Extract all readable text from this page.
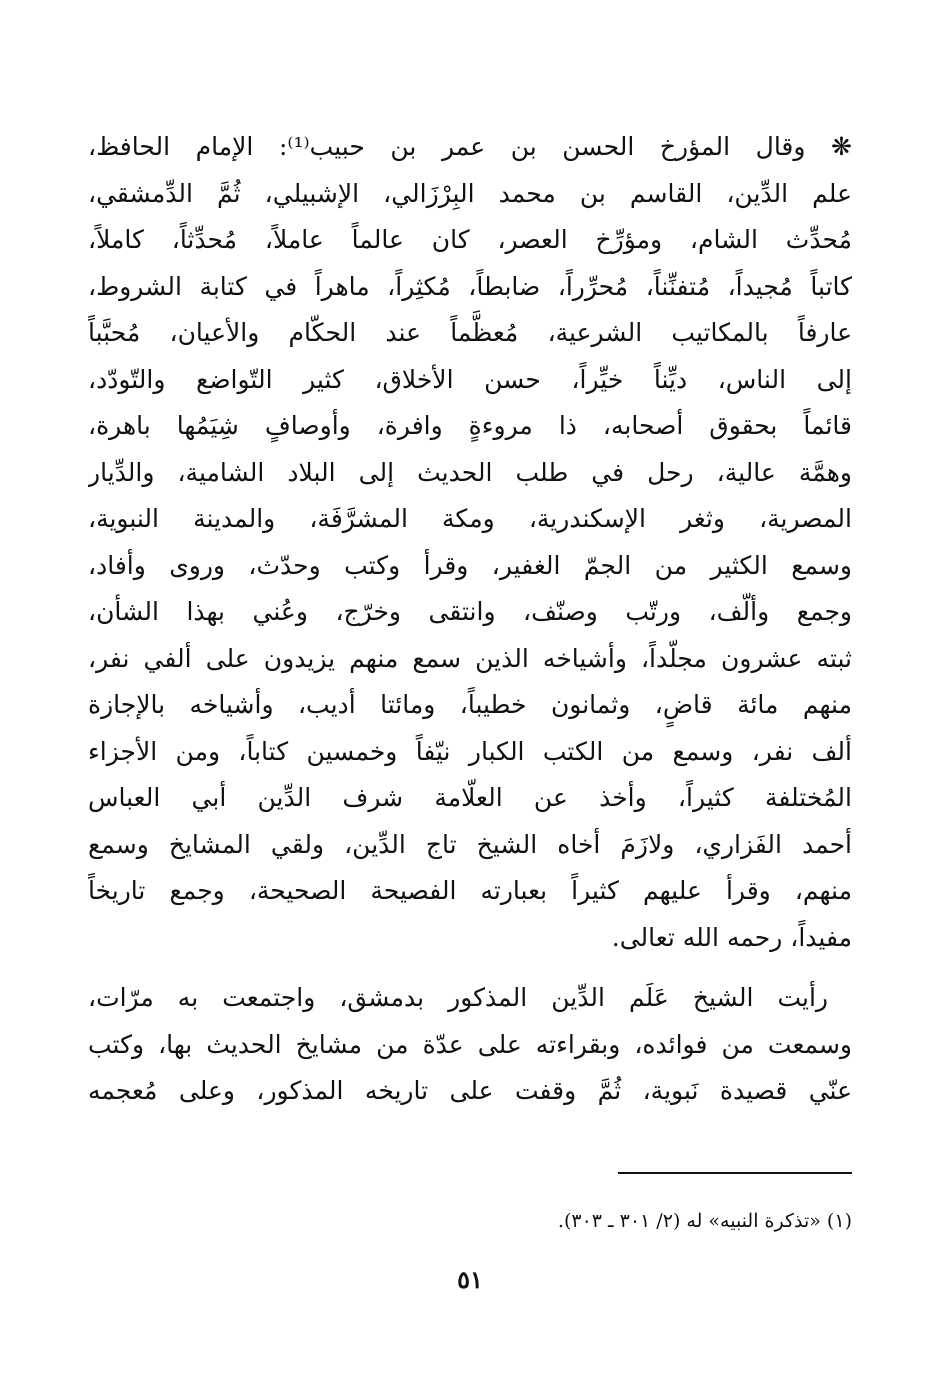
❋ وقال المؤرخ الحسن بن عمر بن حبيب⁽¹⁾: الإمام الحافظ،
علم الدِّين، القاسم بن محمد البِرْزَالي، الإشبيلي، ثُمَّ الدِّمشقي،
مُحدِّث الشام، ومؤرِّخ العصر، كان عالماً عاملاً، مُحدِّثاً، كاملاً،
كاتباً مُجيداً، مُتفنِّناً، مُحرِّراً، ضابطاً، مُكثِراً، ماهراً في كتابة الشروط،
عارفاً بالمكاتيب الشرعية، مُعظَّماً عند الحكّام والأعيان، مُحبَّباً
إلى الناس، ديِّناً خيِّراً، حسن الأخلاق، كثير التّواضع والتّودّد،
قائماً بحقوق أصحابه، ذا مروءةٍ وافرة، وأوصافٍ شِيَمُها باهرة،
وهمَّة عالية، رحل في طلب الحديث إلى البلاد الشامية، والدِّيار
المصرية، وثغر الإسكندرية، ومكة المشرَّفَة، والمدينة النبوية،
وسمع الكثير من الجمّ الغفير، وقرأ وكتب وحدّث، وروى وأفاد،
وجمع وألّف، ورتّب وصنّف، وانتقى وخرّج، وعُني بهذا الشأن،
ثبته عشرون مجلّداً، وأشياخه الذين سمع منهم يزيدون على ألفي نفر،
منهم مائة قاضٍ، وثمانون خطيباً، ومائتا أديب، وأشياخه بالإجازة
ألف نفر، وسمع من الكتب الكبار نيّفاً وخمسين كتاباً، ومن الأجزاء
المُختلفة كثيراً، وأخذ عن العلّامة شرف الدِّين أبي العباس
أحمد الفَزاري، ولازَمَ أخاه الشيخ تاج الدِّين، ولقي المشايخ وسمع
منهم، وقرأ عليهم كثيراً بعبارته الفصيحة الصحيحة، وجمع تاريخاً
مفيداً، رحمه الله تعالى.
رأيت الشيخ عَلَم الدِّين المذكور بدمشق، واجتمعت به مرّات،
وسمعت من فوائده، وبقراءته على عدّة من مشايخ الحديث بها، وكتب
عنّي قصيدة نَبوية، ثُمَّ وقفت على تاريخه المذكور، وعلى مُعجمه
(١) «تذكرة النبيه» له (٢/ ٣٠١ ـ ٣٠٣).
٥١
